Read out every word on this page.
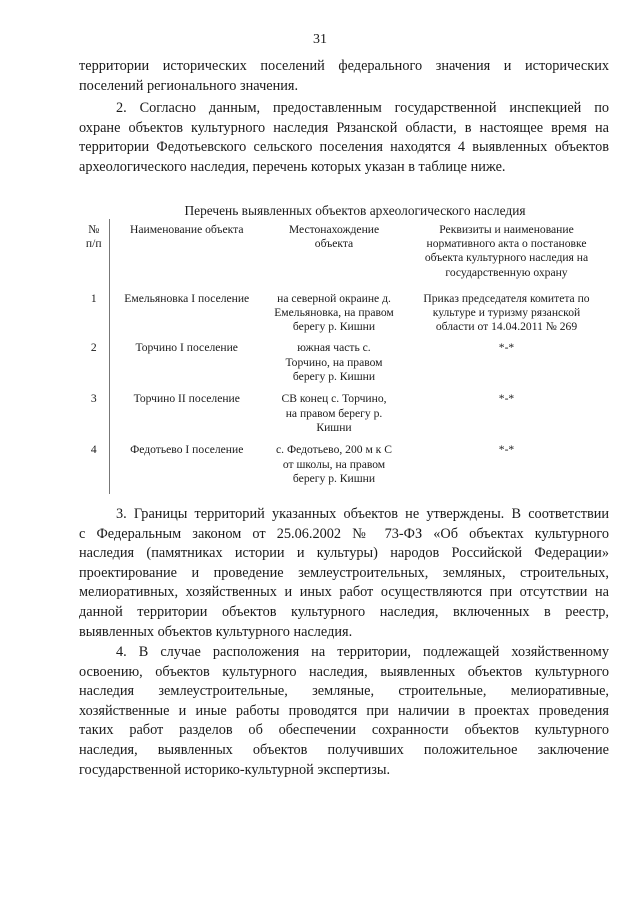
31
территории исторических поселений федерального значения и исторических
поселений регионального значения.
2. Согласно данным, предоставленным государственной инспекцией по
охране объектов культурного наследия Рязанской области, в настоящее время на
территории Федотьевского сельского поселения находятся 4 выявленных объектов
археологического наследия, перечень которых указан в таблице ниже.
Перечень выявленных объектов археологического наследия
№
п/п	Наименование объекта	Местонахождение
объекта	Реквизиты и наименование
нормативного акта о постановке
объекта культурного наследия на
государственную охрану

1	Емельяновка I поселение	на северной окраине д.
Емельяновка, на правом
берегу р. Кишни	Приказ председателя комитета по
культуре и туризму рязанской
области от 14.04.2011 № 269

2	Торчино I поселение	южная часть с.
Торчино, на правом
берегу р. Кишни	*-*

3	Торчино II поселение	СВ конец с. Торчино,
на правом берегу р.
Кишни	*-*

4	Федотьево I поселение	с. Федотьево, 200 м к С
от школы, на правом
берегу р. Кишни	*-*
3. Границы территорий указанных объектов не утверждены. В соответствии
с Федеральным законом от 25.06.2002 № 73-ФЗ «Об объектах культурного
наследия (памятниках истории и культуры) народов Российской Федерации»
проектирование и проведение землеустроительных, земляных, строительных,
мелиоративных, хозяйственных и иных работ осуществляются при отсутствии на
данной территории объектов культурного наследия, включенных в реестр,
выявленных объектов культурного наследия.
4. В случае расположения на территории, подлежащей хозяйственному
освоению, объектов культурного наследия, выявленных объектов культурного
наследия землеустроительные, земляные, строительные, мелиоративные,
хозяйственные и иные работы проводятся при наличии в проектах проведения
таких работ разделов об обеспечении сохранности объектов культурного
наследия, выявленных объектов получивших положительное заключение
государственной историко-культурной экспертизы.
